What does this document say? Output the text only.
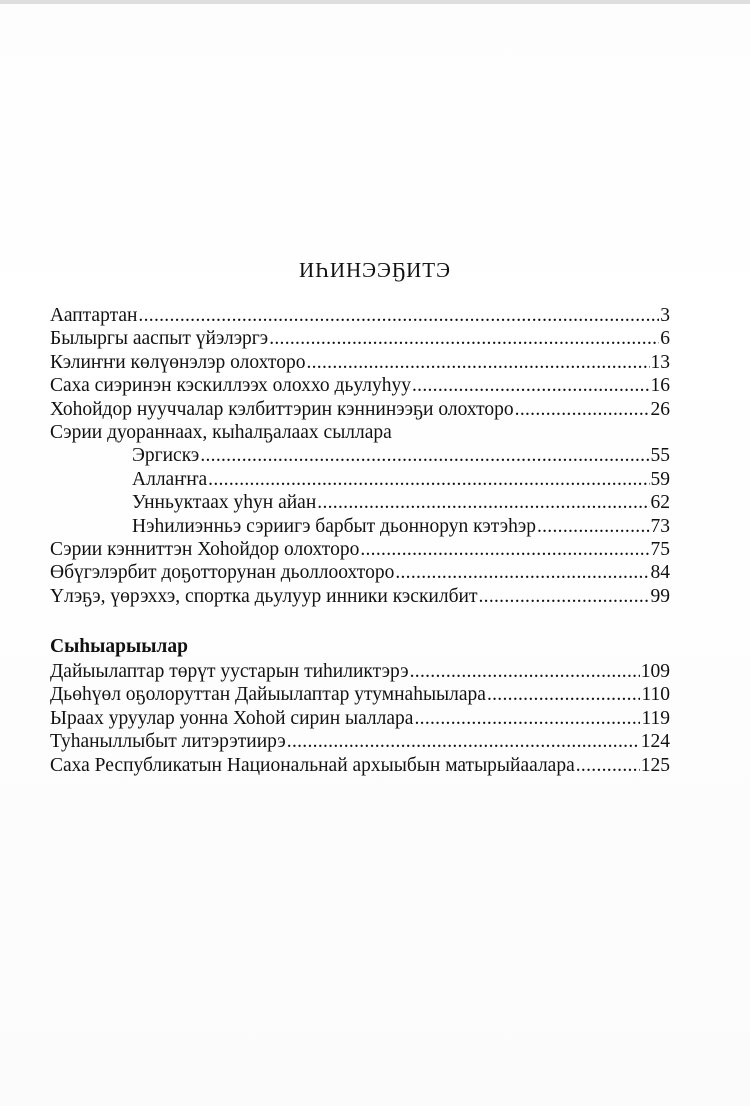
ИҺИНЭЭҔИТЭ
Ааптартан .....	3
Былыргы ааспыт үйэлэргэ .....	6
Кэлиҥҥи көлүөнэлэр олохторо .....	13
Саха сиэринэн кэскиллээх олоххо дьулуһуу .....	16
Хоһойдор нууччалар кэлбиттэрин кэннинээҕи олохторо .....	26
Сэрии дуораннаах, кыһалҕалаах сыллара
Эргискэ .....	55
Аллаҥҥа .....	59
Унньуктаах уһун айан .....	62
Нэһилиэнньэ сэриигэ барбыт дьонноруn кэтэһэр .....	73
Сэрии кэнниттэн Хоһойдор олохторо .....	75
Өбүгэлэрбит доҕотторунан дьоллоохторо .....	84
Үлэҕэ, үөрэххэ, спортка дьулуур инники кэскилбит .....	99
Сыһыарыылар
Дайыылаптар төрүт уустарын тиһиликтэрэ .....	109
Дьөһүөл оҕолоруттан Дайыылаптар утумнаһыылара .....	110
Ыраах уруулар уонна Хоһой сирин ыаллара .....	119
Туһаныллыбыт литэрэтиирэ .....	124
Саха Республикатын Национальнай архыыбын матырыйаалара .....	125
